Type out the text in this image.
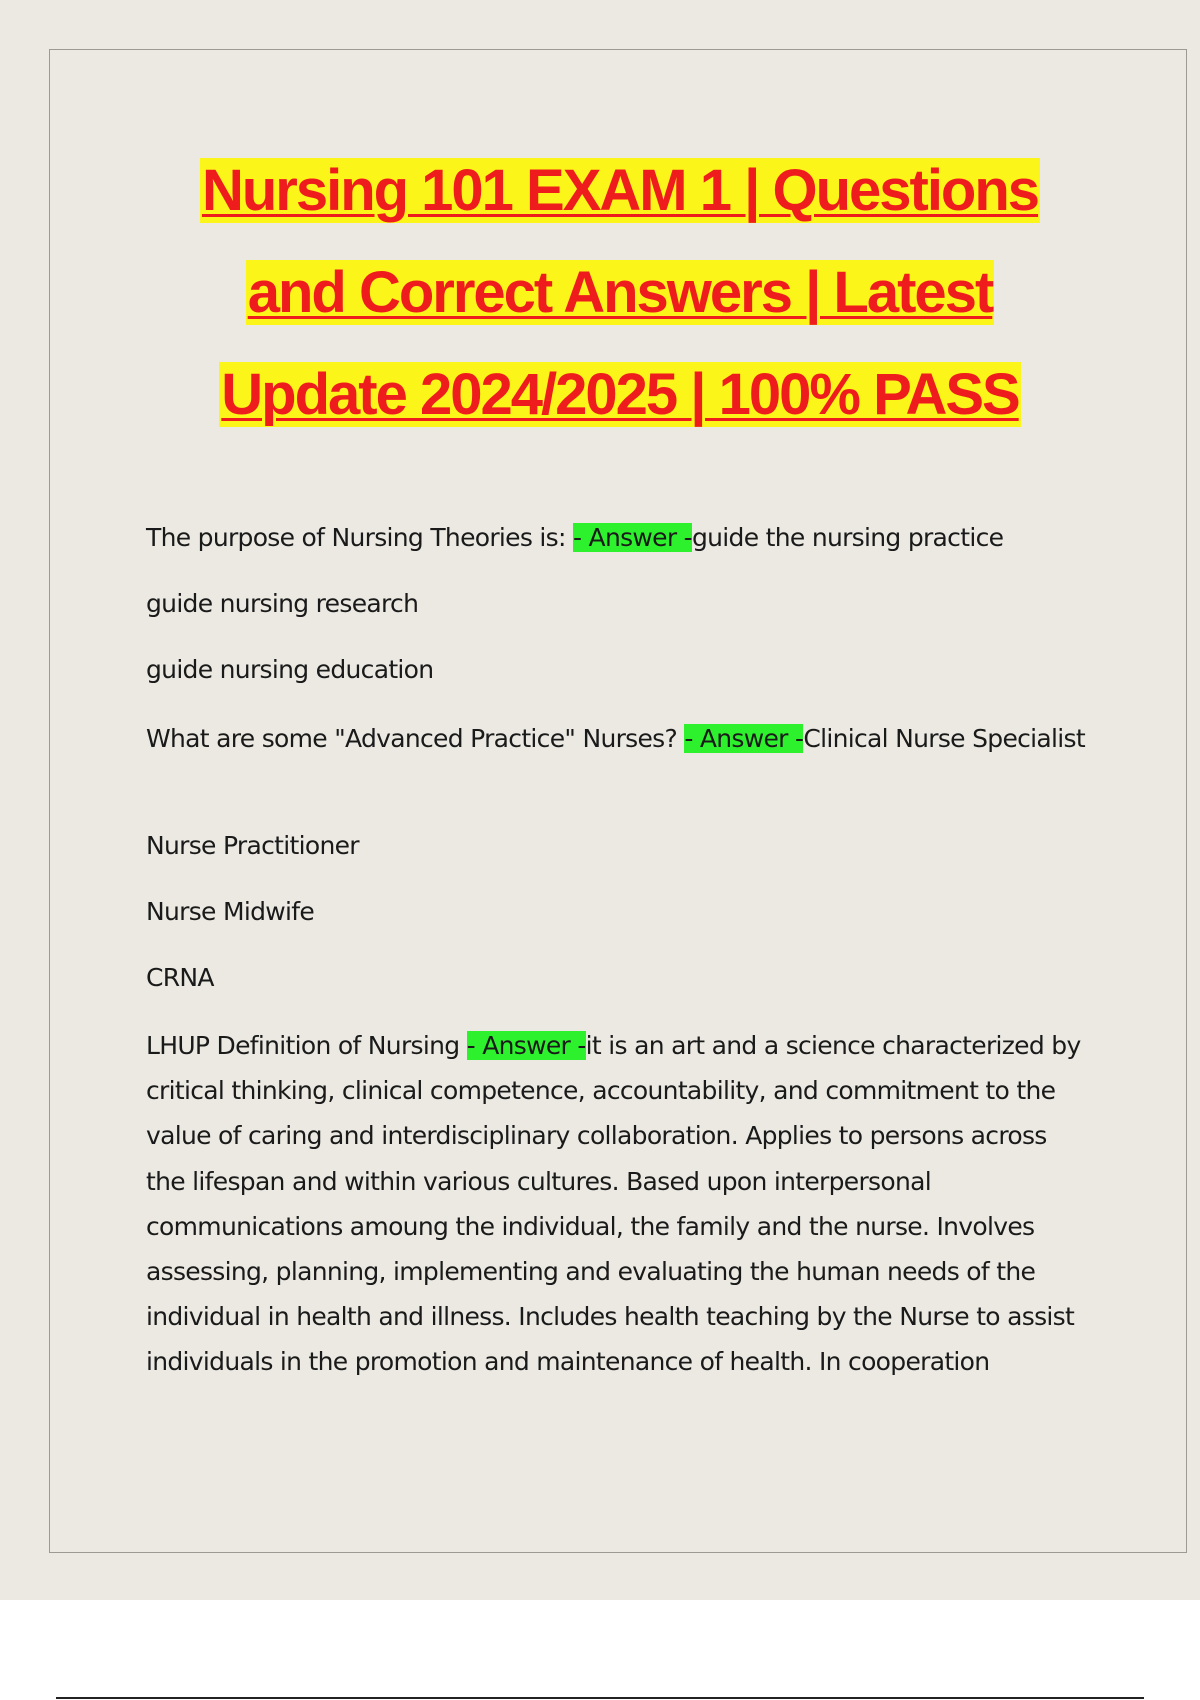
Nursing 101 EXAM 1 | Questions
and Correct Answers | Latest
Update 2024/2025 | 100% PASS

The purpose of Nursing Theories is: - Answer -guide the nursing practice

guide nursing research

guide nursing education

What are some "Advanced Practice" Nurses? - Answer -Clinical Nurse Specialist

Nurse Practitioner

Nurse Midwife

CRNA

LHUP Definition of Nursing - Answer -it is an art and a science characterized by critical thinking, clinical competence, accountability, and commitment to the value of caring and interdisciplinary collaboration. Applies to persons across the lifespan and within various cultures. Based upon interpersonal communications amoung the individual, the family and the nurse. Involves assessing, planning, implementing and evaluating the human needs of the individual in health and illness. Includes health teaching by the Nurse to assist individuals in the promotion and maintenance of health. In cooperation
